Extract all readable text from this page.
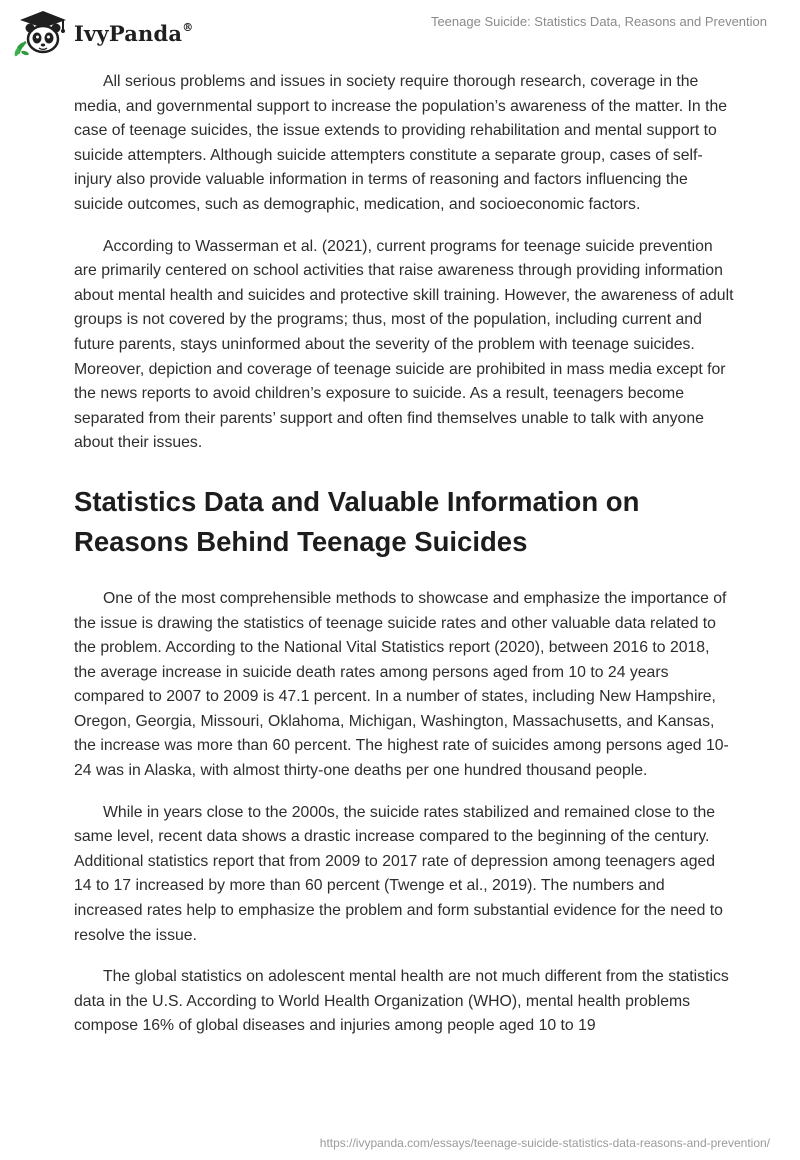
IvyPanda®	Teenage Suicide: Statistics Data, Reasons and Prevention

All serious problems and issues in society require thorough research, coverage in the media, and governmental support to increase the population’s awareness of the matter. In the case of teenage suicides, the issue extends to providing rehabilitation and mental support to suicide attempters. Although suicide attempters constitute a separate group, cases of self-injury also provide valuable information in terms of reasoning and factors influencing the suicide outcomes, such as demographic, medication, and socioeconomic factors.

According to Wasserman et al. (2021), current programs for teenage suicide prevention are primarily centered on school activities that raise awareness through providing information about mental health and suicides and protective skill training. However, the awareness of adult groups is not covered by the programs; thus, most of the population, including current and future parents, stays uninformed about the severity of the problem with teenage suicides. Moreover, depiction and coverage of teenage suicide are prohibited in mass media except for the news reports to avoid children’s exposure to suicide. As a result, teenagers become separated from their parents’ support and often find themselves unable to talk with anyone about their issues.

Statistics Data and Valuable Information on Reasons Behind Teenage Suicides

One of the most comprehensible methods to showcase and emphasize the importance of the issue is drawing the statistics of teenage suicide rates and other valuable data related to the problem. According to the National Vital Statistics report (2020), between 2016 to 2018, the average increase in suicide death rates among persons aged from 10 to 24 years compared to 2007 to 2009 is 47.1 percent. In a number of states, including New Hampshire, Oregon, Georgia, Missouri, Oklahoma, Michigan, Washington, Massachusetts, and Kansas, the increase was more than 60 percent. The highest rate of suicides among persons aged 10-24 was in Alaska, with almost thirty-one deaths per one hundred thousand people.

While in years close to the 2000s, the suicide rates stabilized and remained close to the same level, recent data shows a drastic increase compared to the beginning of the century. Additional statistics report that from 2009 to 2017 rate of depression among teenagers aged 14 to 17 increased by more than 60 percent (Twenge et al., 2019). The numbers and increased rates help to emphasize the problem and form substantial evidence for the need to resolve the issue.

The global statistics on adolescent mental health are not much different from the statistics data in the U.S. According to World Health Organization (WHO), mental health problems compose 16% of global diseases and injuries among people aged 10 to 19

https://ivypanda.com/essays/teenage-suicide-statistics-data-reasons-and-prevention/
